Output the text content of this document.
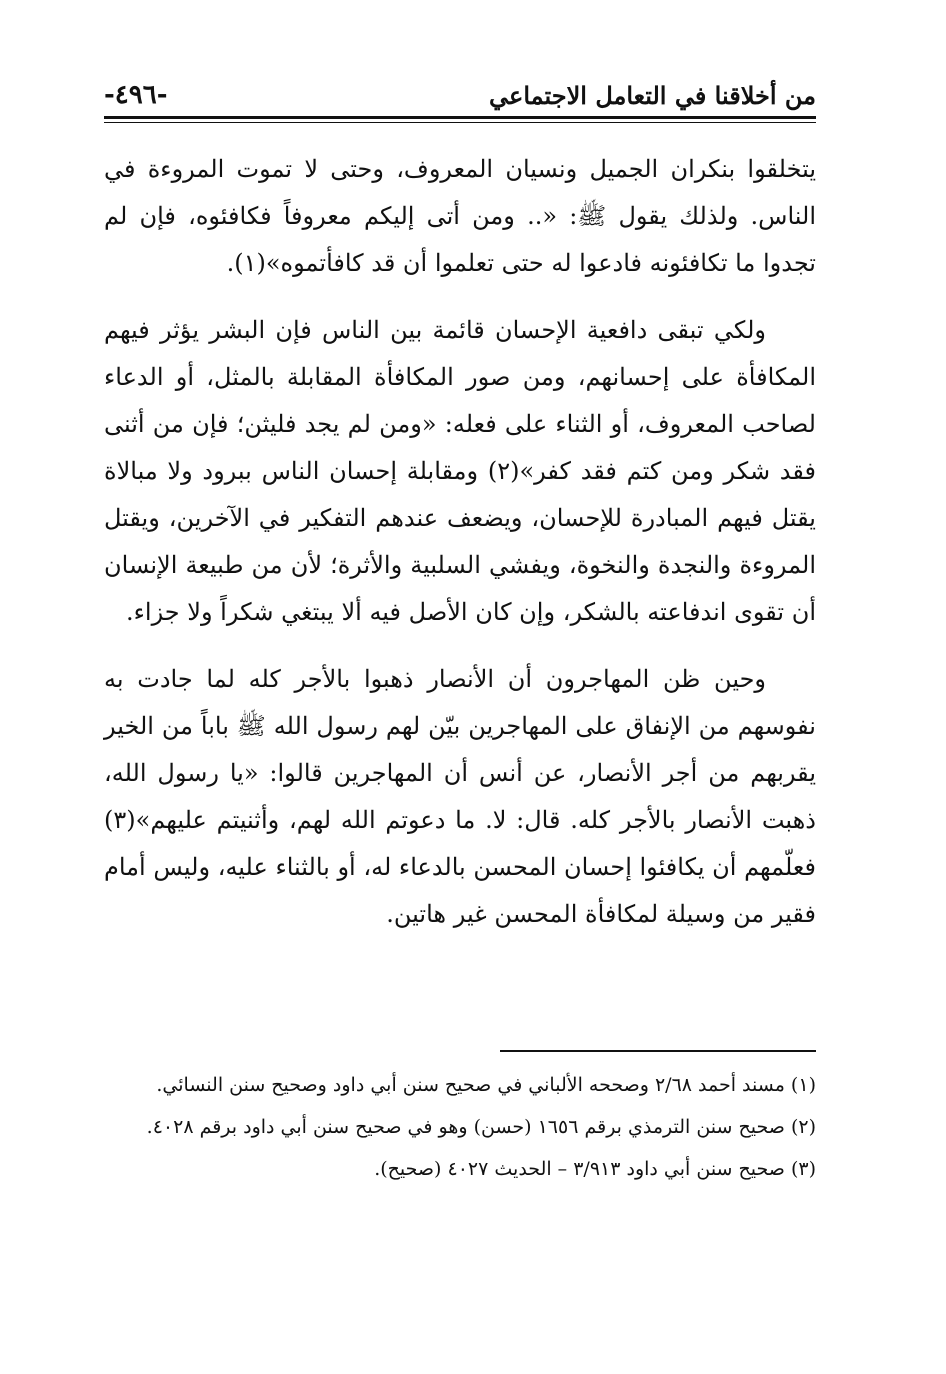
من أخلاقنا في التعامل الاجتماعي
-٤٩٦-

يتخلقوا بنكران الجميل ونسيان المعروف، وحتى لا تموت المروءة في الناس. ولذلك يقول ﷺ: «.. ومن أتى إليكم معروفاً فكافئوه، فإن لم تجدوا ما تكافئونه فادعوا له حتى تعلموا أن قد كافأتموه»(١).

ولكي تبقى دافعية الإحسان قائمة بين الناس فإن البشر يؤثر فيهم المكافأة على إحسانهم، ومن صور المكافأة المقابلة بالمثل، أو الدعاء لصاحب المعروف، أو الثناء على فعله: «ومن لم يجد فليثن؛ فإن من أثنى فقد شكر ومن كتم فقد كفر»(٢) ومقابلة إحسان الناس ببرود ولا مبالاة يقتل فيهم المبادرة للإحسان، ويضعف عندهم التفكير في الآخرين، ويقتل المروءة والنجدة والنخوة، ويفشي السلبية والأثرة؛ لأن من طبيعة الإنسان أن تقوى اندفاعته بالشكر، وإن كان الأصل فيه ألا يبتغي شكراً ولا جزاء.

وحين ظن المهاجرون أن الأنصار ذهبوا بالأجر كله لما جادت به نفوسهم من الإنفاق على المهاجرين بيّن لهم رسول الله ﷺ باباً من الخير يقربهم من أجر الأنصار، عن أنس أن المهاجرين قالوا: «يا رسول الله، ذهبت الأنصار بالأجر كله. قال: لا. ما دعوتم الله لهم، وأثنيتم عليهم»(٣) فعلّمهم أن يكافئوا إحسان المحسن بالدعاء له، أو بالثناء عليه، وليس أمام فقير من وسيلة لمكافأة المحسن غير هاتين.

(١) مسند أحمد ٢/٦٨ وصححه الألباني في صحيح سنن أبي داود وصحيح سنن النسائي.

(٢) صحيح سنن الترمذي برقم ١٦٥٦ (حسن) وهو في صحيح سنن أبي داود برقم ٤٠٢٨.

(٣) صحيح سنن أبي داود ٣/٩١٣ – الحديث ٤٠٢٧ (صحيح).
